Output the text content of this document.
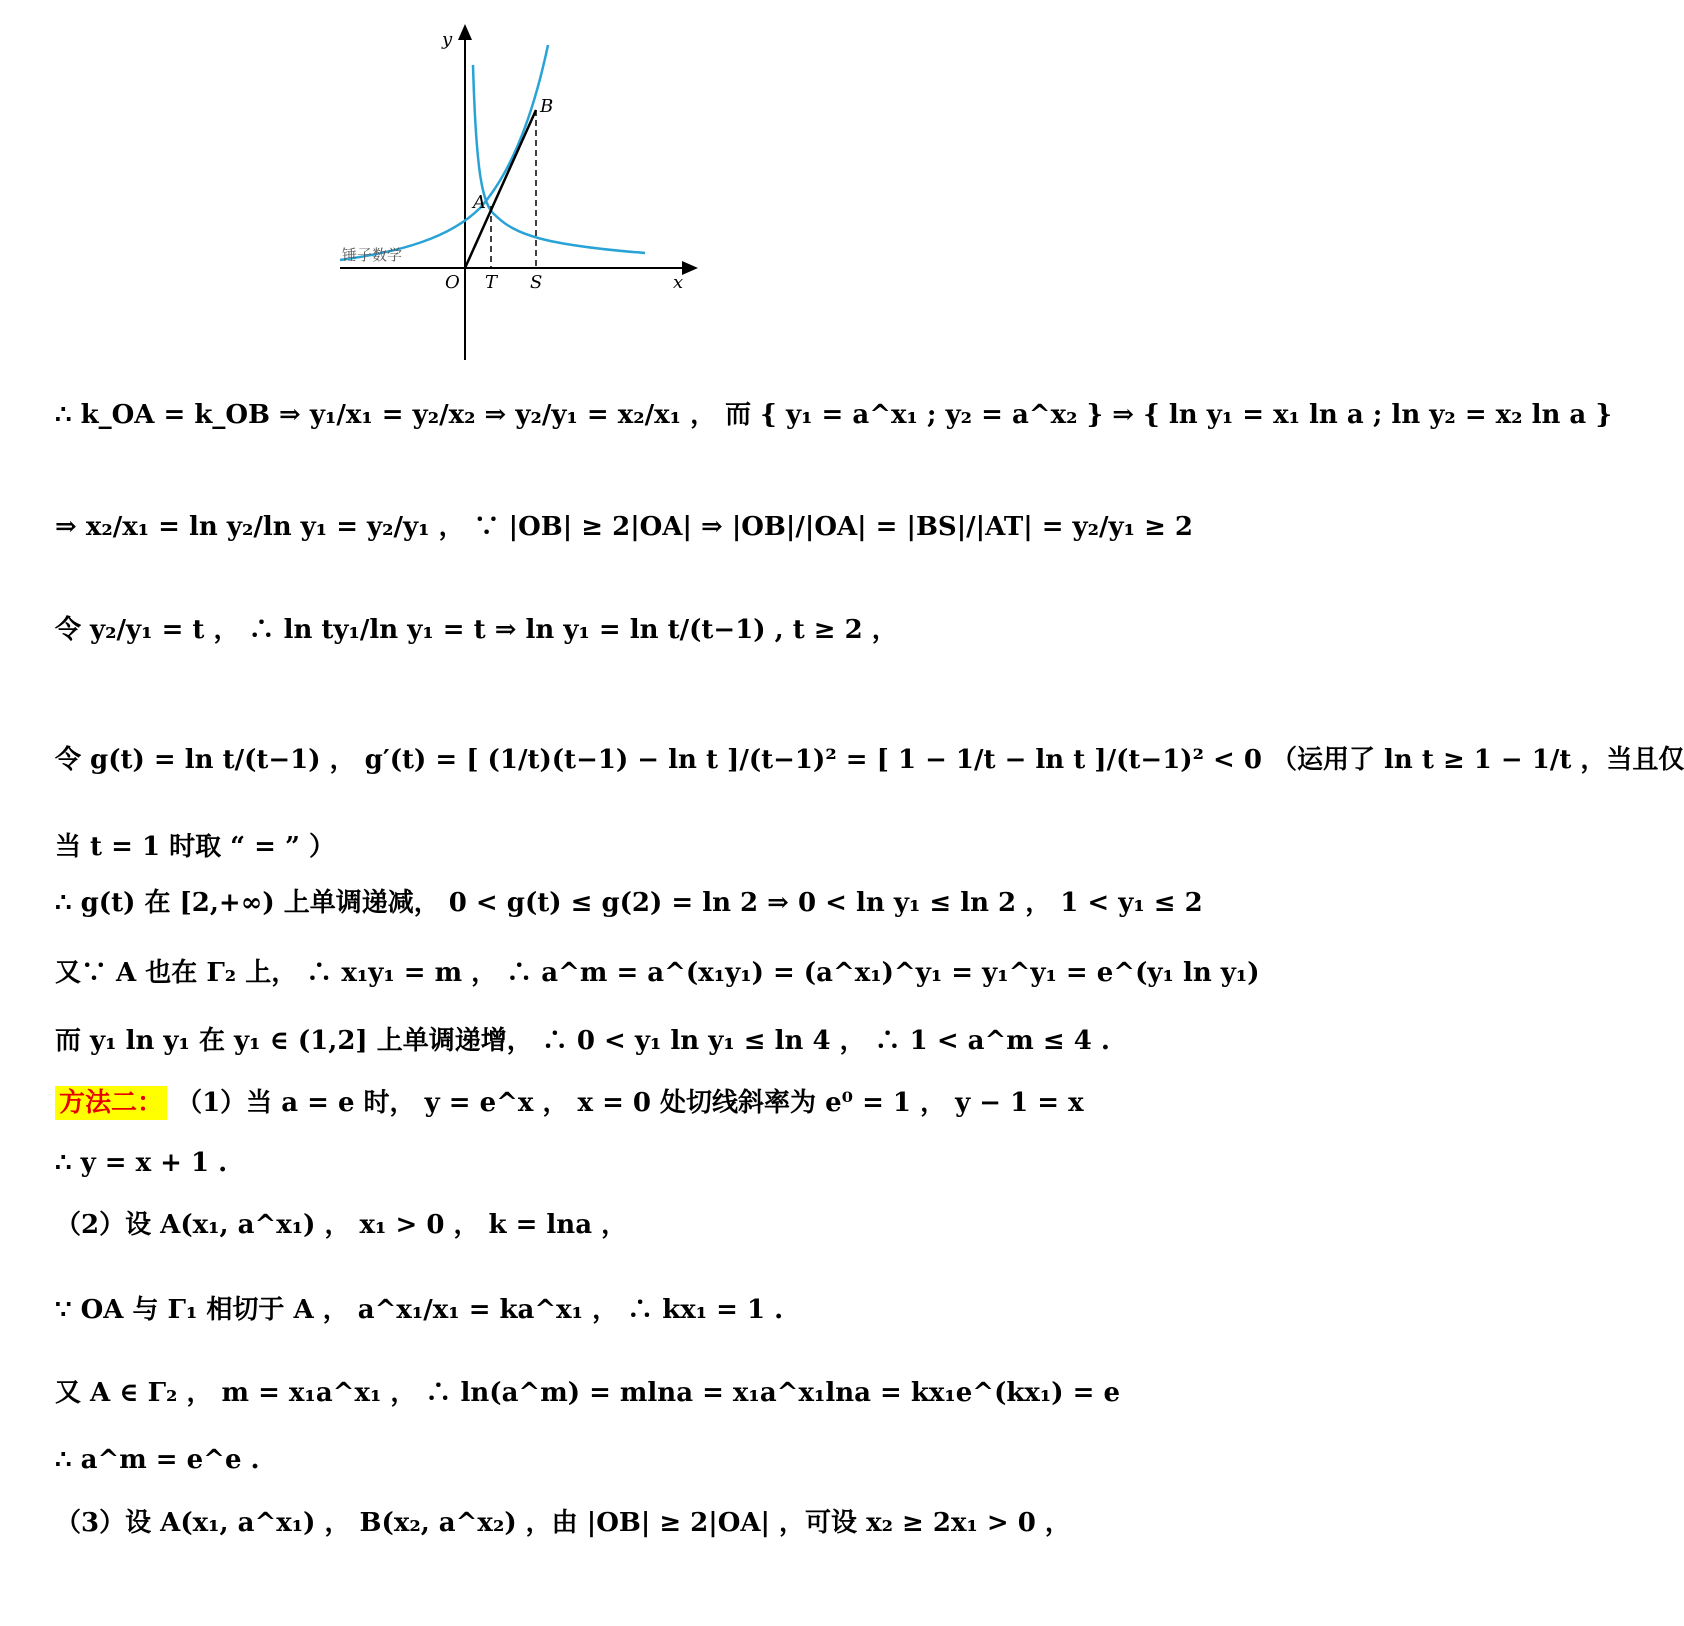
y
x
O
A
B
T S
锤子数学
∴ k_OA = k_OB ⇒ y₁/x₁ = y₂/x₂ ⇒ y₂/y₁ = x₂/x₁ ， 而 { y₁ = a^x₁ ; y₂ = a^x₂ } ⇒ { ln y₁ = x₁ ln a ; ln y₂ = x₂ ln a }
⇒ x₂/x₁ = ln y₂/ln y₁ = y₂/y₁ ， ∵ |OB| ≥ 2|OA| ⇒ |OB|/|OA| = |BS|/|AT| = y₂/y₁ ≥ 2
令 y₂/y₁ = t ， ∴ ln ty₁/ln y₁ = t ⇒ ln y₁ = ln t/(t−1) , t ≥ 2 ，
令 g(t) = ln t/(t−1) ， g′(t) = [ (1/t)(t−1) − ln t ]/(t−1)² = [ 1 − 1/t − ln t ]/(t−1)² < 0 （运用了 ln t ≥ 1 − 1/t ，当且仅
当 t = 1 时取 “ = ” ）
∴ g(t) 在 [2,+∞) 上单调递减， 0 < g(t) ≤ g(2) = ln 2 ⇒ 0 < ln y₁ ≤ ln 2 ， 1 < y₁ ≤ 2
又∵ A 也在 Γ₂ 上， ∴ x₁y₁ = m ， ∴ a^m = a^(x₁y₁) = (a^x₁)^y₁ = y₁^y₁ = e^(y₁ ln y₁)
而 y₁ ln y₁ 在 y₁ ∈ (1,2] 上单调递增， ∴ 0 < y₁ ln y₁ ≤ ln 4 ， ∴ 1 < a^m ≤ 4 .
方法二： （1）当 a = e 时， y = e^x ， x = 0 处切线斜率为 e⁰ = 1 ， y − 1 = x
∴ y = x + 1 .
（2）设 A(x₁, a^x₁) ， x₁ > 0 ， k = lna ，
∵ OA 与 Γ₁ 相切于 A ， a^x₁/x₁ = ka^x₁ ， ∴ kx₁ = 1 .
又 A ∈ Γ₂ ， m = x₁a^x₁ ， ∴ ln(a^m) = mlna = x₁a^x₁lna = kx₁e^(kx₁) = e
∴ a^m = e^e .
（3）设 A(x₁, a^x₁) ， B(x₂, a^x₂) ，由 |OB| ≥ 2|OA| ，可设 x₂ ≥ 2x₁ > 0 ，
